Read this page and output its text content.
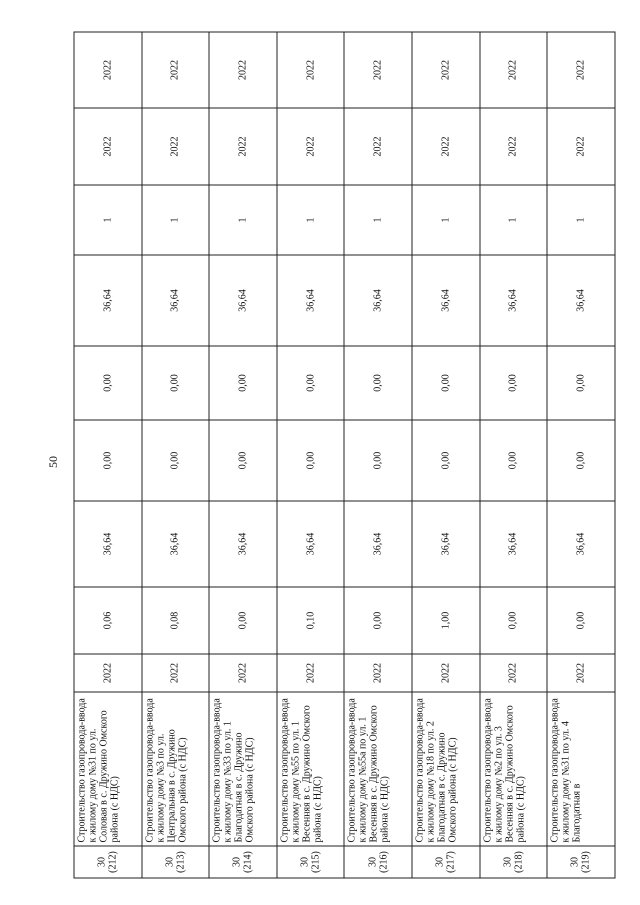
50
30 (212)	Строительство газопровода-ввода к жилому дому №31 по ул. Соловая в с. Дружино Омского района (с НДС)	2022	0,06	36,64	0,00	0,00	36,64	1	2022	2022

30 (213)	Строительство газопровода-ввода к жилому дому №3 по ул. Центральная в с. Дружино Омского района (с НДС)	2022	0,08	36,64	0,00	0,00	36,64	1	2022	2022

30 (214)	Строительство газопровода-ввода к жилому дому №33 по ул. 1 Благодатная в с. Дружино Омского района (с НДС)	2022	0,00	36,64	0,00	0,00	36,64	1	2022	2022

30 (215)	Строительство газопровода-ввода к жилому дому №55 по ул. 1 Весенняя в с. Дружино Омского района (с НДС)	2022	0,10	36,64	0,00	0,00	36,64	1	2022	2022

30 (216)	Строительство газопровода-ввода к жилому дому №55а по ул. 1 Весенняя в с. Дружино Омского района (с НДС)	2022	0,00	36,64	0,00	0,00	36,64	1	2022	2022

30 (217)	Строительство газопровода-ввода к жилому дому №18 по ул. 2 Благодатная в с. Дружино Омского района (с НДС)	2022	1,00	36,64	0,00	0,00	36,64	1	2022	2022

30 (218)	Строительство газопровода-ввода к жилому дому №2 по ул. 3 Весенняя в с. Дружино Омского района (с НДС)	2022	0,00	36,64	0,00	0,00	36,64	1	2022	2022

30 (219)	Строительство газопровода-ввода к жилому дому №31 по ул. 4 Благодатная в	2022	0,00	36,64	0,00	0,00	36,64	1	2022	2022
